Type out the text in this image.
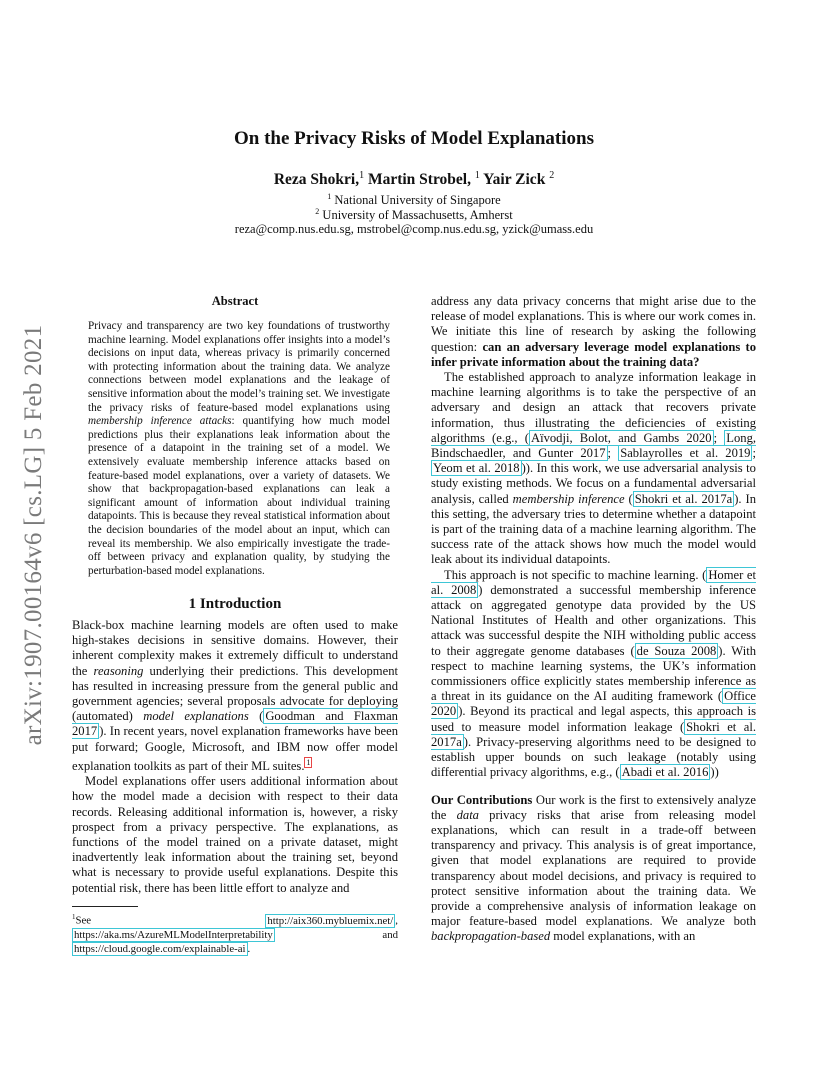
arXiv:1907.00164v6 [cs.LG] 5 Feb 2021
On the Privacy Risks of Model Explanations
Reza Shokri,$^1$ Martin Strobel, $^1$ Yair Zick $^2$
$^1$ National University of Singapore
$^2$ University of Massachusetts, Amherst
reza@comp.nus.edu.sg, mstrobel@comp.nus.edu.sg, yzick@umass.edu
Abstract
Privacy and transparency are two key foundations of trustworthy machine learning. Model explanations offer insights into a model’s decisions on input data, whereas privacy is primarily concerned with protecting information about the training data. We analyze connections between model explanations and the leakage of sensitive information about the model’s training set. We investigate the privacy risks of feature-based model explanations using membership inference attacks: quantifying how much model predictions plus their explanations leak information about the presence of a datapoint in the training set of a model. We extensively evaluate membership inference attacks based on feature-based model explanations, over a variety of datasets. We show that backpropagation-based explanations can leak a significant amount of information about individual training datapoints. This is because they reveal statistical information about the decision boundaries of the model about an input, which can reveal its membership. We also empirically investigate the trade-off between privacy and explanation quality, by studying the perturbation-based model explanations.
1 Introduction

Black-box machine learning models are often used to make high-stakes decisions in sensitive domains. However, their inherent complexity makes it extremely difficult to understand the reasoning underlying their predictions. This development has resulted in increasing pressure from the general public and government agencies; several proposals advocate for deploying (automated) model explanations ( Goodman and Flaxman 2017 ). In recent years, novel explanation frameworks have been put forward; Google, Microsoft, and IBM now offer model explanation toolkits as part of their ML suites. $^1$

Model explanations offer users additional information about how the model made a decision with respect to their data records. Releasing additional information is, however, a risky prospect from a privacy perspective. The explanations, as functions of the model trained on a private dataset, might inadvertently leak information about the training set, beyond what is necessary to provide useful explanations. Despite this potential risk, there has been little effort to analyze and

$^1$See http://aix360.mybluemix.net/ , https://aka.ms/AzureMLModelInterpretability and https://cloud.google.com/explainable-ai .

address any data privacy concerns that might arise due to the release of model explanations. This is where our work comes in. We initiate this line of research by asking the following question: can an adversary leverage model explanations to infer private information about the training data?

The established approach to analyze information leakage in machine learning algorithms is to take the perspective of an adversary and design an attack that recovers private information, thus illustrating the deficiencies of existing algorithms (e.g., ( Aïvodji, Bolot, and Gambs 2020 ; Long, Bindschaedler, and Gunter 2017 ; Sablayrolles et al. 2019 ; Yeom et al. 2018 )). In this work, we use adversarial analysis to study existing methods. We focus on a fundamental adversarial analysis, called membership inference ( Shokri et al. 2017a ). In this setting, the adversary tries to determine whether a datapoint is part of the training data of a machine learning algorithm. The success rate of the attack shows how much the model would leak about its individual datapoints.

This approach is not specific to machine learning. ( Homer et al. 2008 ) demonstrated a successful membership inference attack on aggregated genotype data provided by the US National Institutes of Health and other organizations. This attack was successful despite the NIH witholding public access to their aggregate genome databases ( de Souza 2008 ). With respect to machine learning systems, the UK’s information commissioners office explicitly states membership inference as a threat in its guidance on the AI auditing framework ( Office 2020 ). Beyond its practical and legal aspects, this approach is used to measure model information leakage ( Shokri et al. 2017a ). Privacy-preserving algorithms need to be designed to establish upper bounds on such leakage (notably using differential privacy algorithms, e.g., ( Abadi et al. 2016 ))

Our Contributions Our work is the first to extensively analyze the data privacy risks that arise from releasing model explanations, which can result in a trade-off between transparency and privacy. This analysis is of great importance, given that model explanations are required to provide transparency about model decisions, and privacy is required to protect sensitive information about the training data. We provide a comprehensive analysis of information leakage on major feature-based model explanations. We analyze both backpropagation-based model explanations, with an
